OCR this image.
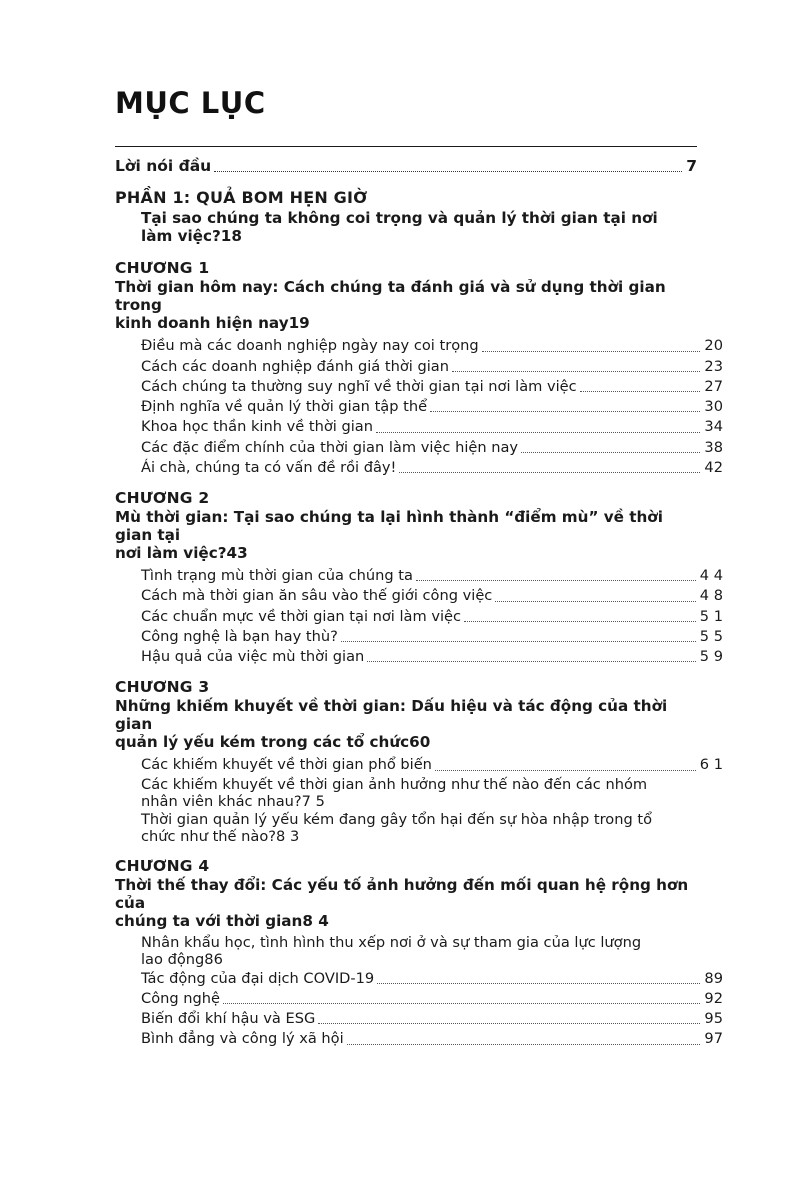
MỤC LỤC
Lời nói đầu	7
PHẦN 1: QUẢ BOM HẸN GIỜ
Tại sao chúng ta không coi trọng và quản lý thời gian tại nơi
làm việc? 18
CHƯƠNG 1
Thời gian hôm nay: Cách chúng ta đánh giá và sử dụng thời gian trong
kinh doanh hiện nay 19
Điều mà các doanh nghiệp ngày nay coi trọng	20
Cách các doanh nghiệp đánh giá thời gian	23
Cách chúng ta thường suy nghĩ về thời gian tại nơi làm việc	27
Định nghĩa về quản lý thời gian tập thể	30
Khoa học thần kinh về thời gian	34
Các đặc điểm chính của thời gian làm việc hiện nay	38
Ái chà, chúng ta có vấn đề rồi đây!	42
CHƯƠNG 2
Mù thời gian: Tại sao chúng ta lại hình thành “điểm mù” về thời gian tại
nơi làm việc? 43
Tình trạng mù thời gian của chúng ta	4 4
Cách mà thời gian ăn sâu vào thế giới công việc	4 8
Các chuẩn mực về thời gian tại nơi làm việc	5 1
Công nghệ là bạn hay thù?	5 5
Hậu quả của việc mù thời gian	5 9
CHƯƠNG 3
Những khiếm khuyết về thời gian: Dấu hiệu và tác động của thời gian
quản lý yếu kém trong các tổ chức 60
Các khiếm khuyết về thời gian phổ biến	6 1
Các khiếm khuyết về thời gian ảnh hưởng như thế nào đến các nhóm
nhân viên khác nhau? 7 5
Thời gian quản lý yếu kém đang gây tổn hại đến sự hòa nhập trong tổ
chức như thế nào? 8 3
CHƯƠNG 4
Thời thế thay đổi: Các yếu tố ảnh hưởng đến mối quan hệ rộng hơn của
chúng ta với thời gian 8 4
Nhân khẩu học, tình hình thu xếp nơi ở và sự tham gia của lực lượng
lao động 86
Tác động của đại dịch COVID-19	89
Công nghệ	92
Biến đổi khí hậu và ESG	95
Bình đẳng và công lý xã hội	97
